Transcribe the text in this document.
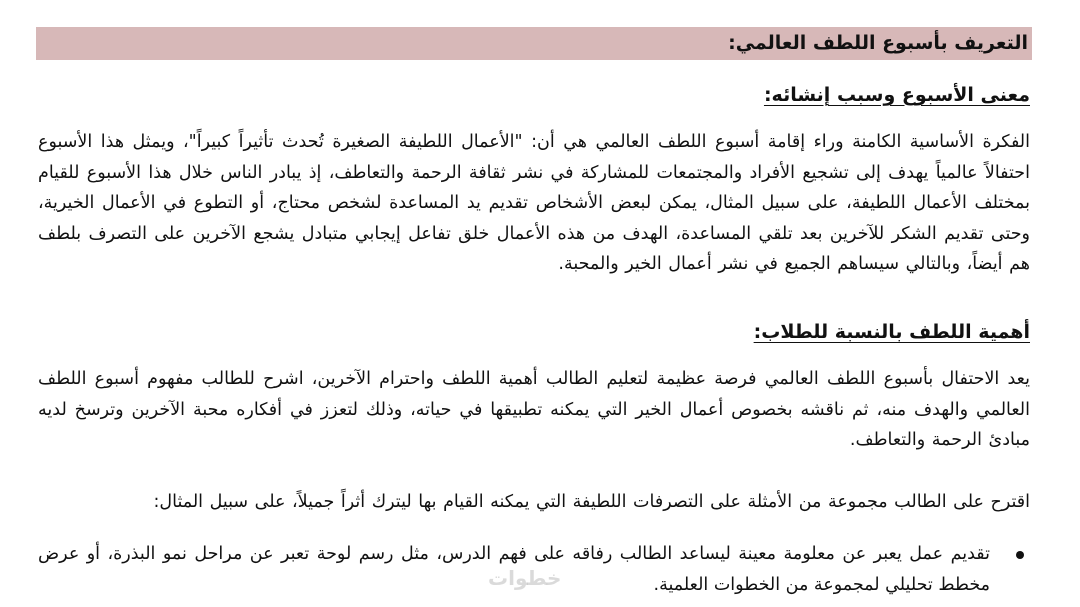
التعريف بأسبوع اللطف العالمي:
معنى الأسبوع وسبب إنشائه:

الفكرة الأساسية الكامنة وراء إقامة أسبوع اللطف العالمي هي أن: "الأعمال اللطيفة الصغيرة تُحدث تأثيراً كبيراً"، ويمثل هذا الأسبوع احتفالاً عالمياً يهدف إلى تشجيع الأفراد والمجتمعات للمشاركة في نشر ثقافة الرحمة والتعاطف، إذ يبادر الناس خلال هذا الأسبوع للقيام بمختلف الأعمال اللطيفة، على سبيل المثال، يمكن لبعض الأشخاص تقديم يد المساعدة لشخص محتاج، أو التطوع في الأعمال الخيرية، وحتى تقديم الشكر للآخرين بعد تلقي المساعدة، الهدف من هذه الأعمال خلق تفاعل إيجابي متبادل يشجع الآخرين على التصرف بلطف هم أيضاً، وبالتالي سيساهم الجميع في نشر أعمال الخير والمحبة.

أهمية اللطف بالنسبة للطلاب:

يعد الاحتفال بأسبوع اللطف العالمي فرصة عظيمة لتعليم الطالب أهمية اللطف واحترام الآخرين، اشرح للطالب مفهوم أسبوع اللطف العالمي والهدف منه، ثم ناقشه بخصوص أعمال الخير التي يمكنه تطبيقها في حياته، وذلك لتعزز في أفكاره محبة الآخرين وترسخ لديه مبادئ الرحمة والتعاطف.

اقترح على الطالب مجموعة من الأمثلة على التصرفات اللطيفة التي يمكنه القيام بها ليترك أثراً جميلاً، على سبيل المثال:

تقديم عمل يعبر عن معلومة معينة ليساعد الطالب رفاقه على فهم الدرس، مثل رسم لوحة تعبر عن مراحل نمو البذرة، أو عرض مخطط تحليلي لمجموعة من الخطوات العلمية.
خطوات
